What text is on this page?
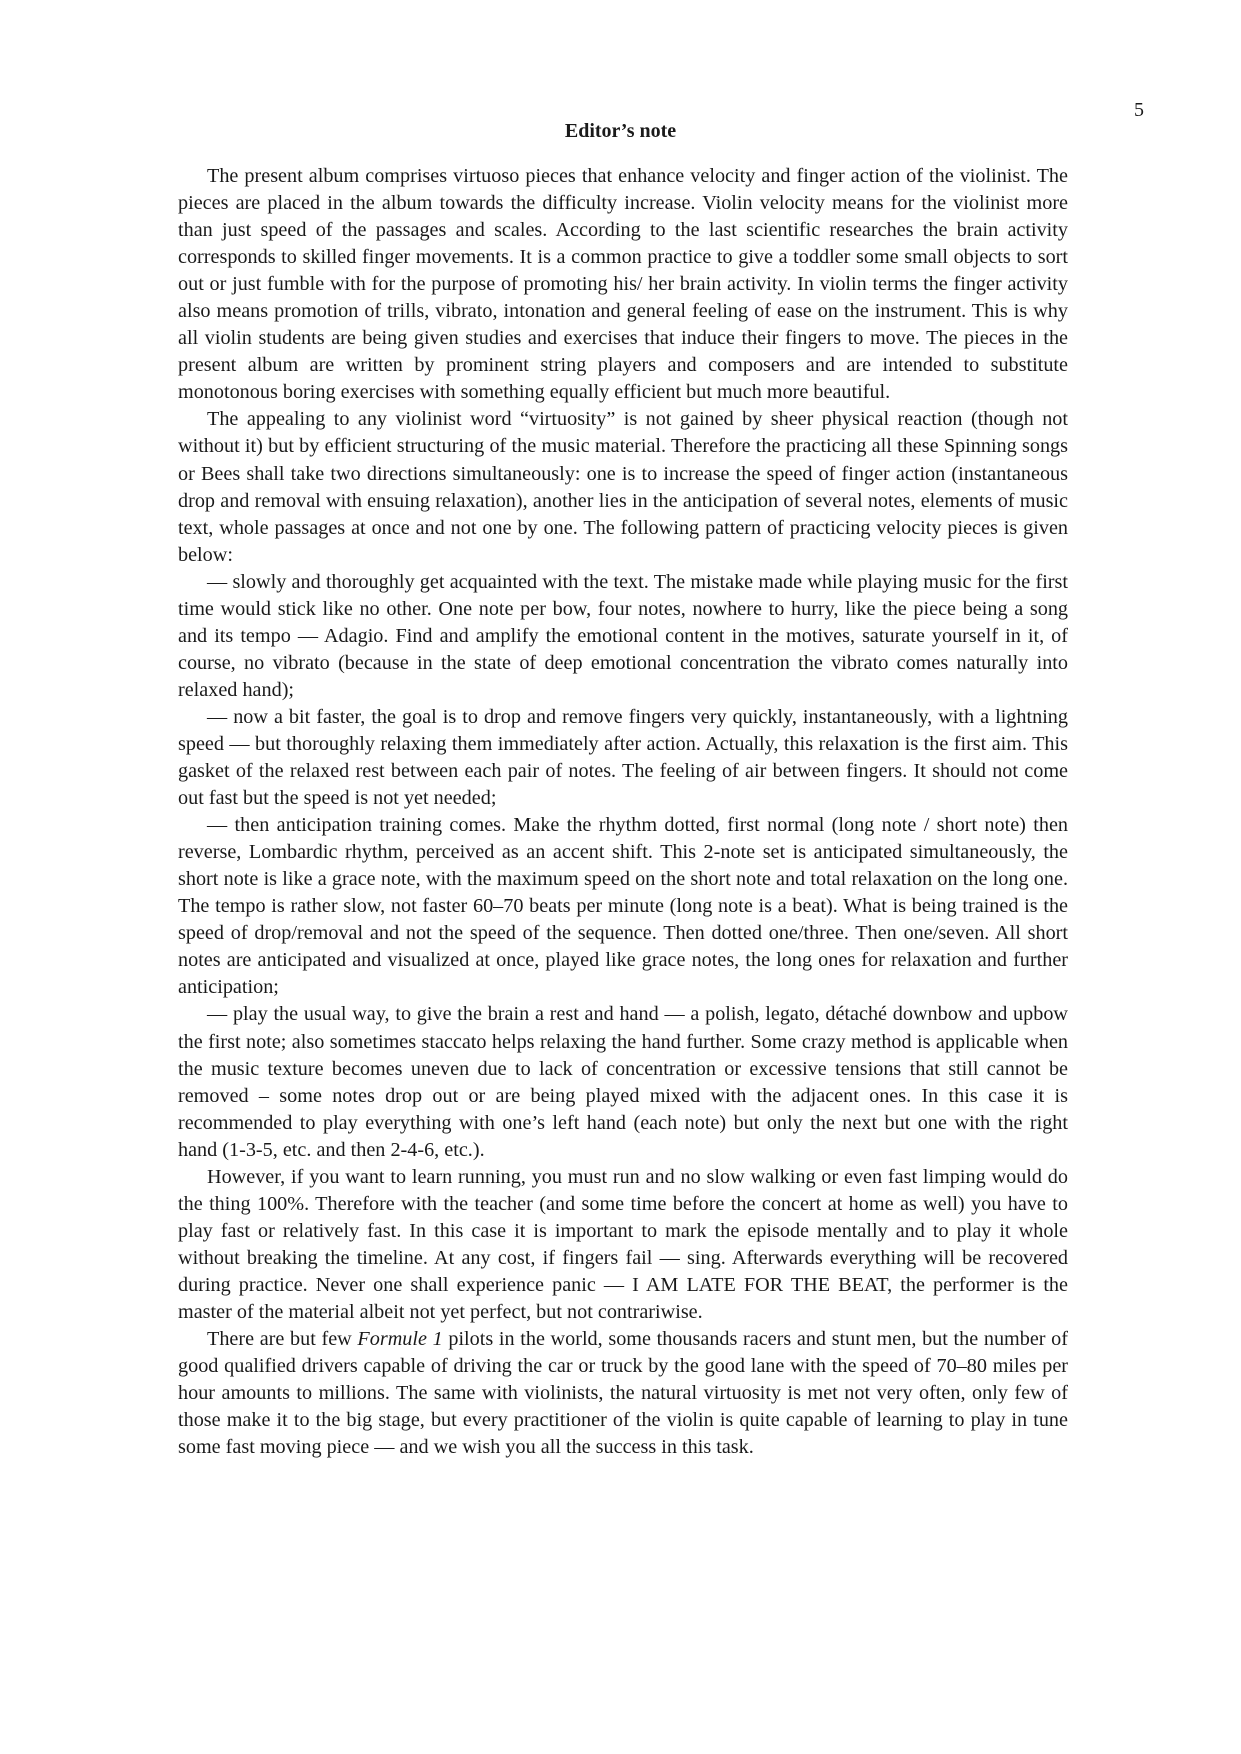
5
Editor’s note

The present album comprises virtuoso pieces that enhance velocity and finger action of the violinist. The pieces are placed in the album towards the difficulty increase. Violin velocity means for the violinist more than just speed of the passages and scales. According to the last scientific researches the brain activity corresponds to skilled finger movements. It is a common practice to give a toddler some small objects to sort out or just fumble with for the purpose of promoting his/ her brain activity. In violin terms the finger activity also means promotion of trills, vibrato, intonation and general feeling of ease on the instrument. This is why all violin students are being given studies and exercises that induce their fingers to move. The pieces in the present album are written by prominent string players and composers and are intended to substitute monotonous boring exercises with something equally efficient but much more beautiful.

The appealing to any violinist word “virtuosity” is not gained by sheer physical reaction (though not without it) but by efficient structuring of the music material. Therefore the practicing all these Spinning songs or Bees shall take two directions simultaneously: one is to increase the speed of finger action (instantaneous drop and removal with ensuing relaxation), another lies in the anticipation of several notes, elements of music text, whole passages at once and not one by one. The following pattern of practicing velocity pieces is given below:

— slowly and thoroughly get acquainted with the text. The mistake made while playing music for the first time would stick like no other. One note per bow, four notes, nowhere to hurry, like the piece being a song and its tempo — Adagio. Find and amplify the emotional content in the motives, saturate yourself in it, of course, no vibrato (because in the state of deep emotional concentration the vibrato comes naturally into relaxed hand);

— now a bit faster, the goal is to drop and remove fingers very quickly, instantaneously, with a lightning speed — but thoroughly relaxing them immediately after action. Actually, this relaxation is the first aim. This gasket of the relaxed rest between each pair of notes. The feeling of air between fingers. It should not come out fast but the speed is not yet needed;

— then anticipation training comes. Make the rhythm dotted, first normal (long note / short note) then reverse, Lombardic rhythm, perceived as an accent shift. This 2-note set is anticipated simultaneously, the short note is like a grace note, with the maximum speed on the short note and total relaxation on the long one. The tempo is rather slow, not faster 60–70 beats per minute (long note is a beat). What is being trained is the speed of drop/removal and not the speed of the sequence. Then dotted one/three. Then one/seven. All short notes are anticipated and visualized at once, played like grace notes, the long ones for relaxation and further anticipation;

— play the usual way, to give the brain a rest and hand — a polish, legato, détaché downbow and upbow the first note; also sometimes staccato helps relaxing the hand further. Some crazy method is applicable when the music texture becomes uneven due to lack of concentration or excessive tensions that still cannot be removed – some notes drop out or are being played mixed with the adjacent ones. In this case it is recommended to play everything with one’s left hand (each note) but only the next but one with the right hand (1-3-5, etc. and then 2-4-6, etc.).

However, if you want to learn running, you must run and no slow walking or even fast limping would do the thing 100%. Therefore with the teacher (and some time before the concert at home as well) you have to play fast or relatively fast. In this case it is important to mark the episode mentally and to play it whole without breaking the timeline. At any cost, if fingers fail — sing. Afterwards everything will be recovered during practice. Never one shall experience panic — I AM LATE FOR THE BEAT, the performer is the master of the material albeit not yet perfect, but not contrariwise.

There are but few Formule 1 pilots in the world, some thousands racers and stunt men, but the number of good qualified drivers capable of driving the car or truck by the good lane with the speed of 70–80 miles per hour amounts to millions. The same with violinists, the natural virtuosity is met not very often, only few of those make it to the big stage, but every practitioner of the violin is quite capable of learning to play in tune some fast moving piece — and we wish you all the success in this task.
